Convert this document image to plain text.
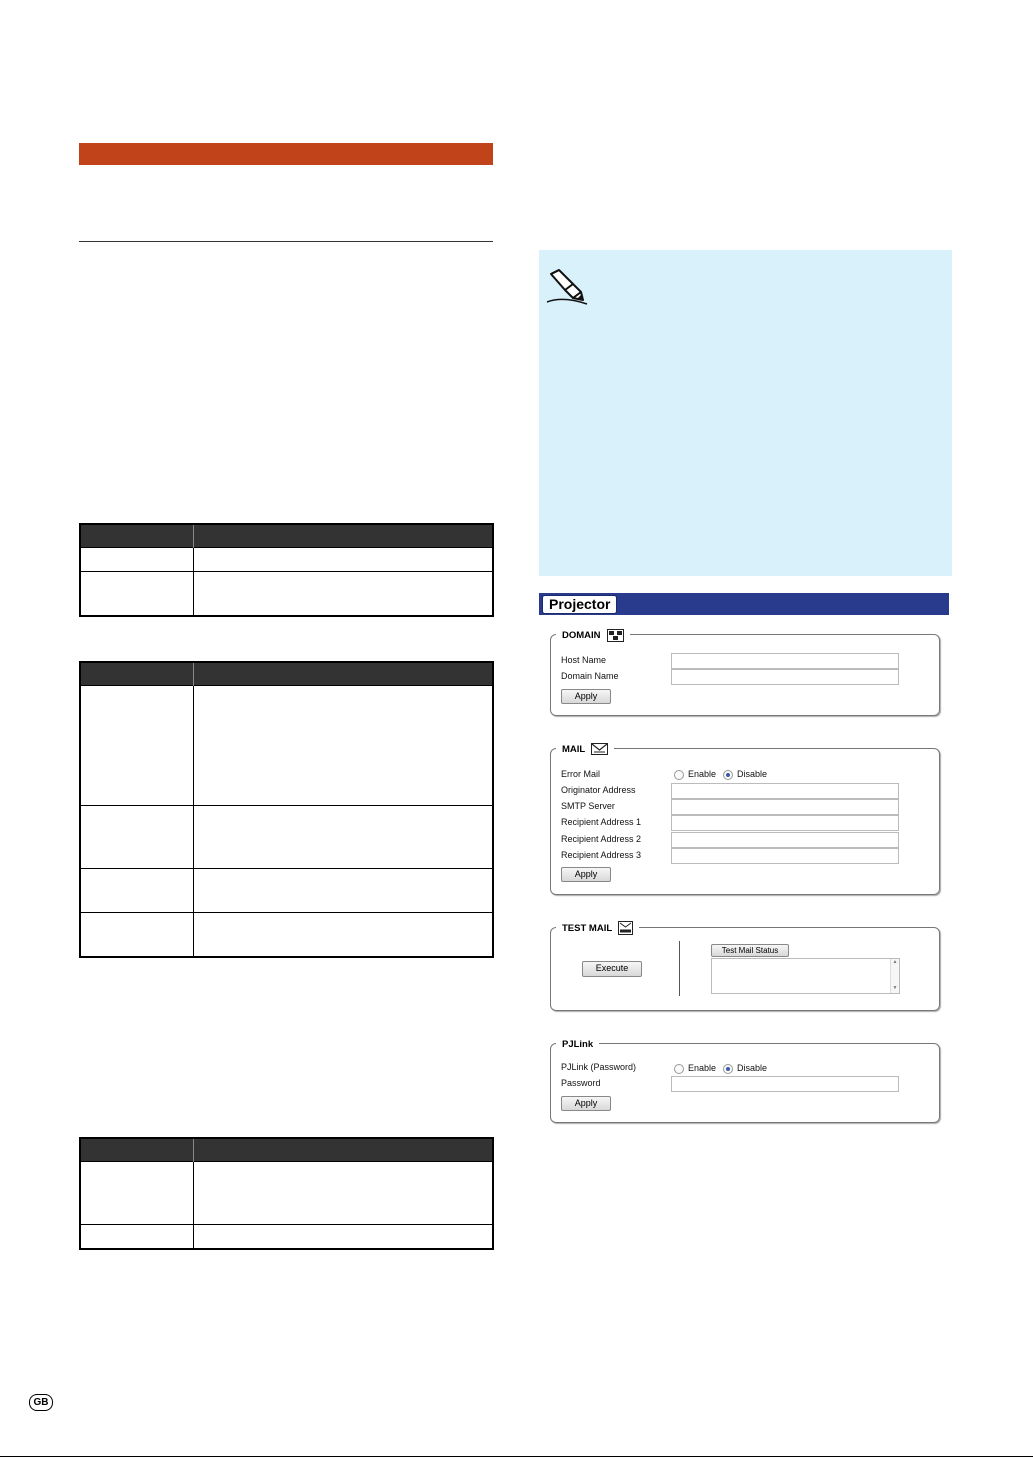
Projector
DOMAIN
Host Name
Domain Name
Apply
MAIL
Error Mail	Enable Disable
Originator Address
SMTP Server
Recipient Address 1
Recipient Address 2
Recipient Address 3
Apply
TEST MAIL
Execute
Test Mail Status
▲
▼
PJLink
PJLink (Password)	Enable Disable
Password
Apply
GB
